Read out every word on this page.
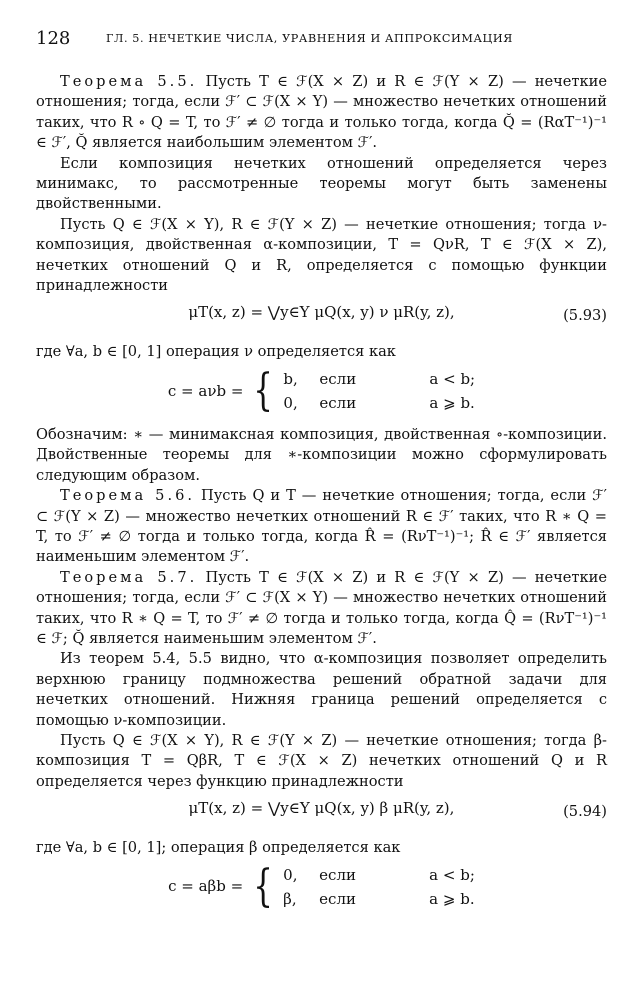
128	ГЛ. 5. НЕЧЕТКИЕ ЧИСЛА, УРАВНЕНИЯ И АППРОКСИМАЦИЯ

Теорема 5.5. Пусть T ∈ ℱ(X × Z) и R ∈ ℱ(Y × Z) — нечеткие отношения; тогда, если ℱ′ ⊂ ℱ(X × Y) — множество нечетких отношений таких, что R ∘ Q = T, то ℱ′ ≠ ∅ тогда и только тогда, когда Q̆ = (RαT⁻¹)⁻¹ ∈ ℱ′, Q̆ является наибольшим элементом ℱ′.

Если композиция нечетких отношений определяется через минимакс, то рассмотренные теоремы могут быть заменены двойственными.

Пусть Q ∈ ℱ(X × Y), R ∈ ℱ(Y × Z) — нечеткие отношения; тогда ν-композиция, двойственная α-композиции, T = QνR, T ∈ ℱ(X × Z), нечетких отношений Q и R, определяется с помощью функции принадлежности

μT(x, z) = ⋁y∈Y μQ(x, y) ν μR(y, z),	(5.93)

где ∀a, b ∈ [0, 1] операция ν определяется как

c = aνb = { b,	если	a < b;
0,	если	a ⩾ b.

Обозначим: ∗ — минимаксная композиция, двойственная ∘-композиции. Двойственные теоремы для ∗-композиции можно сформулировать следующим образом.

Теорема 5.6. Пусть Q и T — нечеткие отношения; тогда, если ℱ′ ⊂ ℱ(Y × Z) — множество нечетких отношений R ∈ ℱ′ таких, что R ∗ Q = T, то ℱ′ ≠ ∅ тогда и только тогда, когда R̂ = (RνT⁻¹)⁻¹; R̂ ∈ ℱ′ является наименьшим элементом ℱ′.

Теорема 5.7. Пусть T ∈ ℱ(X × Z) и R ∈ ℱ(Y × Z) — нечеткие отношения; тогда, если ℱ′ ⊂ ℱ(X × Y) — множество нечетких отношений таких, что R ∗ Q = T, то ℱ′ ≠ ∅ тогда и только тогда, когда Q̂ = (RνT⁻¹)⁻¹ ∈ ℱ; Q̆ является наименьшим элементом ℱ′.

Из теорем 5.4, 5.5 видно, что α-композиция позволяет определить верхнюю границу подмножества решений обратной задачи для нечетких отношений. Нижняя граница решений определяется с помощью ν-композиции.

Пусть Q ∈ ℱ(X × Y), R ∈ ℱ(Y × Z) — нечеткие отношения; тогда β-композиция T = QβR, T ∈ ℱ(X × Z) нечетких отношений Q и R определяется через функцию принадлежности

μT(x, z) = ⋁y∈Y μQ(x, y) β μR(y, z),	(5.94)

где ∀a, b ∈ [0, 1]; операция β определяется как

c = aβb = { 0,	если	a < b;
β,	если	a ⩾ b.
